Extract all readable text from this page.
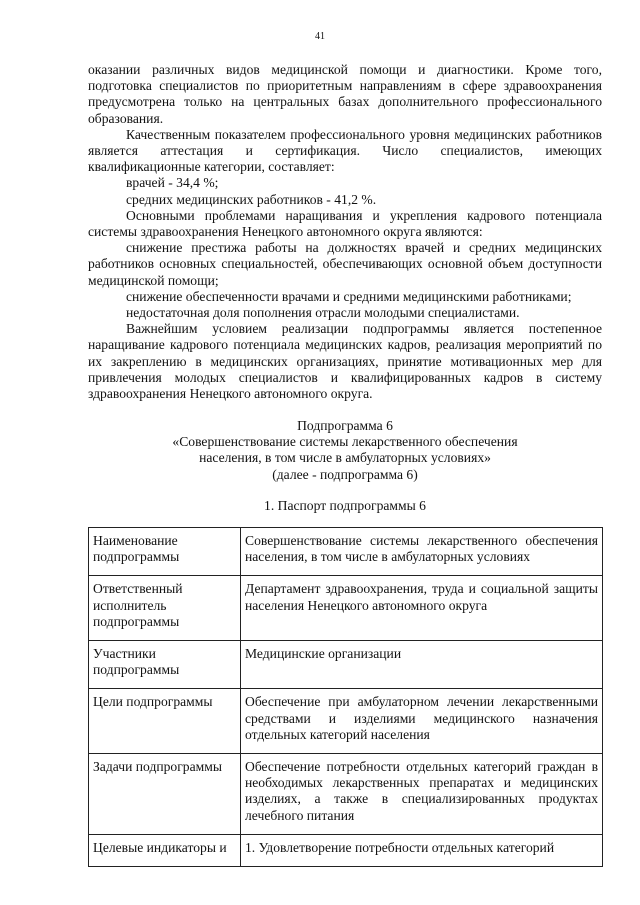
41

оказании различных видов медицинской помощи и диагностики. Кроме того, подготовка специалистов по приоритетным направлениям в сфере здравоохранения предусмотрена только на центральных базах дополнительного профессионального образования.

Качественным показателем профессионального уровня медицинских работников является аттестация и сертификация. Число специалистов, имеющих квалификационные категории, составляет:

врачей - 34,4 %;

средних медицинских работников - 41,2 %.

Основными проблемами наращивания и укрепления кадрового потенциала системы здравоохранения Ненецкого автономного округа являются:

снижение престижа работы на должностях врачей и средних медицинских работников основных специальностей, обеспечивающих основной объем доступности медицинской помощи;

снижение обеспеченности врачами и средними медицинскими работниками;

недостаточная доля пополнения отрасли молодыми специалистами.

Важнейшим условием реализации подпрограммы является постепенное наращивание кадрового потенциала медицинских кадров, реализация мероприятий по их закреплению в медицинских организациях, принятие мотивационных мер для привлечения молодых специалистов и квалифицированных кадров в систему здравоохранения Ненецкого автономного округа.

Подпрограмма 6

«Совершенствование системы лекарственного обеспечения

населения, в том числе в амбулаторных условиях»

(далее - подпрограмма 6)

1. Паспорт подпрограммы 6

Наименование подпрограммы	Совершенствование системы лекарственного обеспечения населения, в том числе в амбулаторных условиях
Ответственный исполнитель подпрограммы	Департамент здравоохранения, труда и социальной защиты населения Ненецкого автономного округа
Участники подпрограммы	Медицинские организации
Цели подпрограммы	Обеспечение при амбулаторном лечении лекарственными средствами и изделиями медицинского назначения отдельных категорий населения
Задачи подпрограммы	Обеспечение потребности отдельных категорий граждан в необходимых лекарственных препаратах и медицинских изделиях, а также в специализированных продуктах лечебного питания
Целевые индикаторы и	1. Удовлетворение потребности отдельных категорий
